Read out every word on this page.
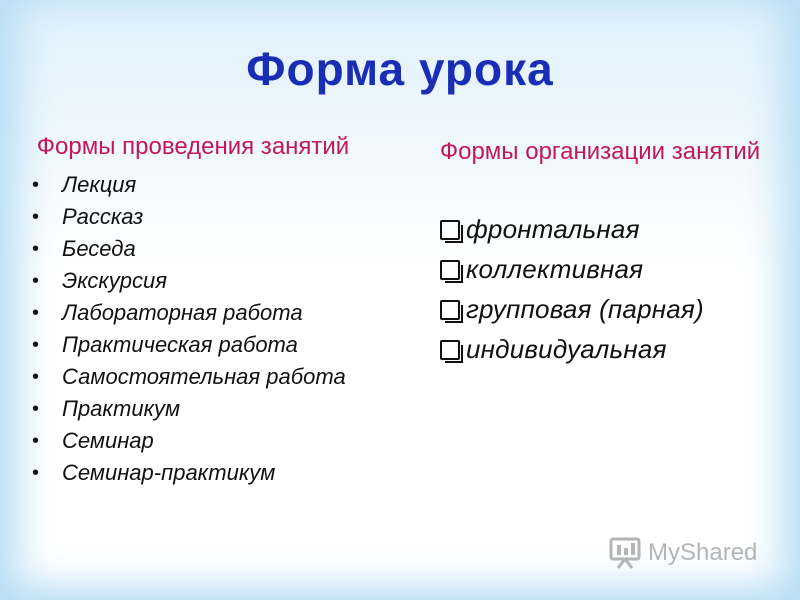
Форма урока
Формы проведения занятий
• Лекция
• Рассказ
• Беседа
• Экскурсия
• Лабораторная работа
• Практическая работа
• Самостоятельная работа
• Практикум
• Семинар
• Семинар-практикум
Формы организации занятий
фронтальная
коллективная
групповая (парная)
индивидуальная
MyShared
